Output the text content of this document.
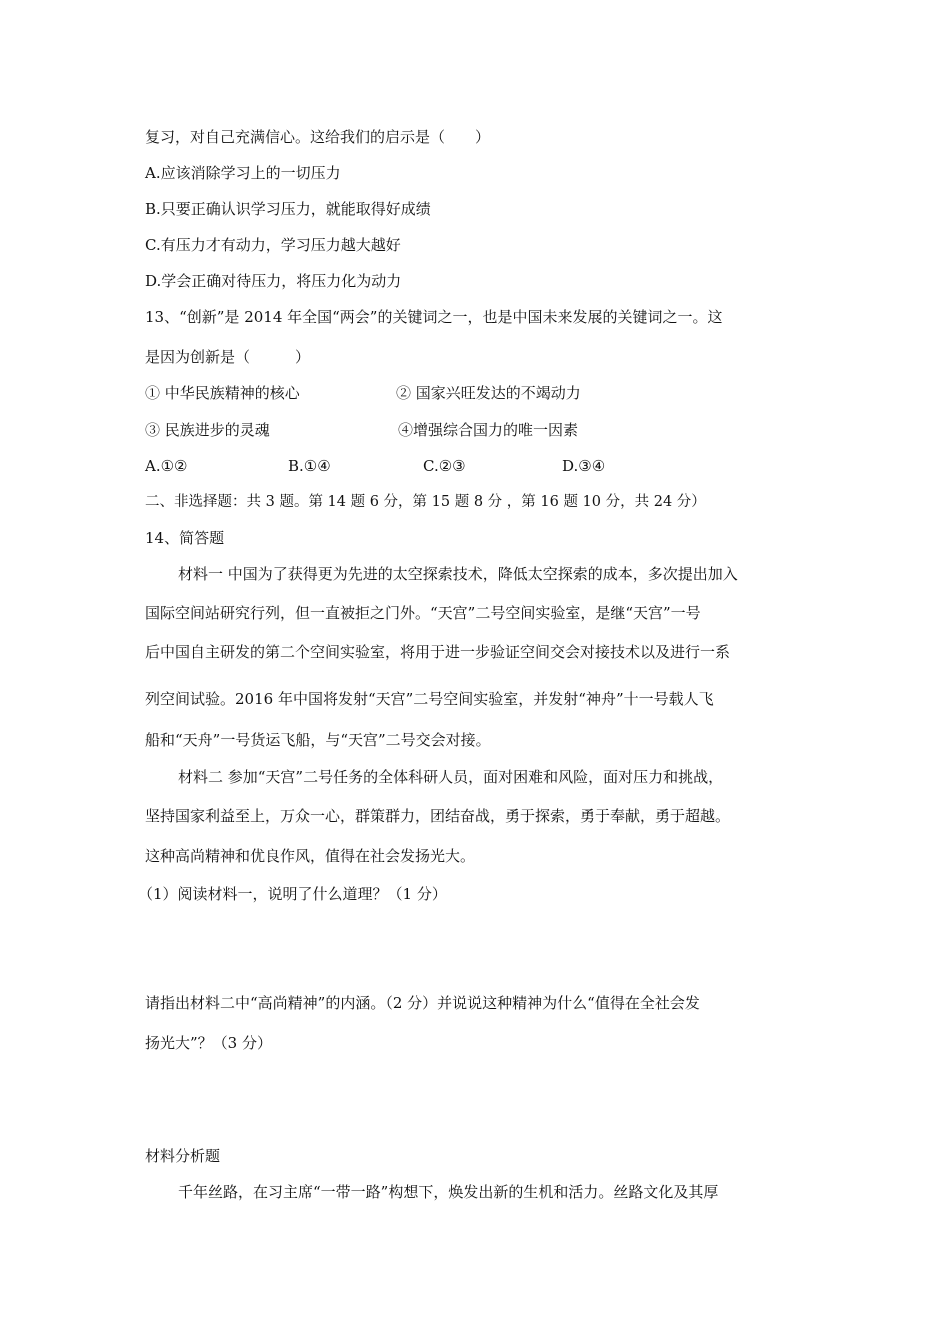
复习，对自己充满信心。这给我们的启示是（　　）
A.应该消除学习上的一切压力
B.只要正确认识学习压力，就能取得好成绩
C.有压力才有动力，学习压力越大越好
D.学会正确对待压力，将压力化为动力
13、“创新”是 2014 年全国“两会”的关键词之一，也是中国未来发展的关键词之一。这
是因为创新是（　　　）
① 中华民族精神的核心	② 国家兴旺发达的不竭动力
③ 民族进步的灵魂	④增强综合国力的唯一因素
A.①②	B.①④	C.②③	D.③④
二、非选择题：共 3 题。第 14 题 6 分，第 15 题 8 分 ，第 16 题 10 分，共 24 分）
14、简答题
材料一 中国为了获得更为先进的太空探索技术，降低太空探索的成本，多次提出加入
国际空间站研究行列，但一直被拒之门外。“天宫”二号空间实验室，是继“天宫”一号
后中国自主研发的第二个空间实验室，将用于进一步验证空间交会对接技术以及进行一系
列空间试验。2016 年中国将发射“天宫”二号空间实验室，并发射“神舟”十一号载人飞
船和“天舟”一号货运飞船，与“天宫”二号交会对接。
材料二 参加“天宫”二号任务的全体科研人员，面对困难和风险，面对压力和挑战，
坚持国家利益至上，万众一心，群策群力，团结奋战，勇于探索，勇于奉献，勇于超越。
这种高尚精神和优良作风，值得在社会发扬光大。
（1）阅读材料一，说明了什么道理？（1 分）
请指出材料二中“高尚精神”的内涵。（2 分）并说说这种精神为什么“值得在全社会发
扬光大”？（3 分）
材料分析题
千年丝路，在习主席“一带一路”构想下，焕发出新的生机和活力。丝路文化及其厚
